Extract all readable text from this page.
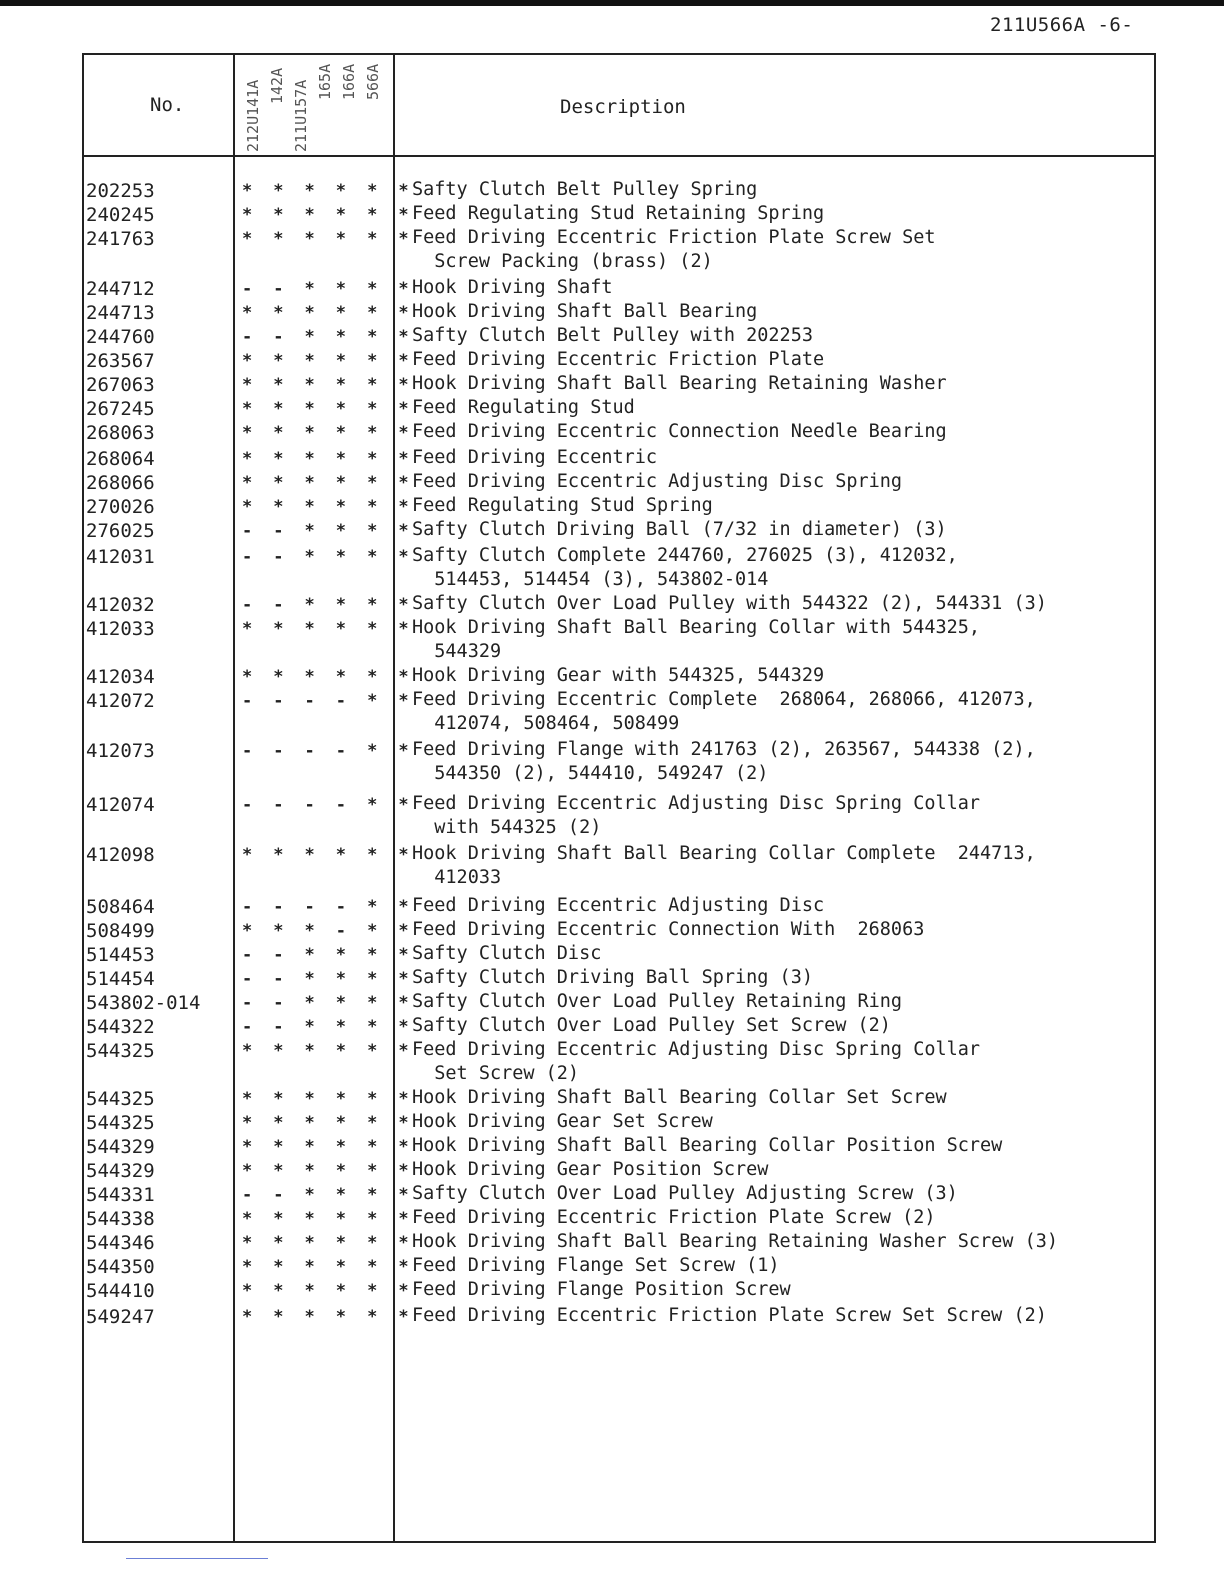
211U566A -6-
No.	Description
212U141A 142A 211U157A 165A 166A 566A
202253	* * * * * *
Safty Clutch Belt Pulley Spring
240245	* * * * * *
Feed Regulating Stud Retaining Spring
241763	* * * * * *
Feed Driving Eccentric Friction Plate Screw Set
Screw Packing (brass) (2)
244712	- - * * * *
Hook Driving Shaft
244713	* * * * * *
Hook Driving Shaft Ball Bearing
244760	- - * * * *
Safty Clutch Belt Pulley with 202253
263567	* * * * * *
Feed Driving Eccentric Friction Plate
267063	* * * * * *
Hook Driving Shaft Ball Bearing Retaining Washer
267245	* * * * * *
Feed Regulating Stud
268063	* * * * * *
Feed Driving Eccentric Connection Needle Bearing
268064	* * * * * *
Feed Driving Eccentric
268066	* * * * * *
Feed Driving Eccentric Adjusting Disc Spring
270026	* * * * * *
Feed Regulating Stud Spring
276025	- - * * * *
Safty Clutch Driving Ball (7/32 in diameter) (3)
412031	- - * * * *
Safty Clutch Complete 244760, 276025 (3), 412032,
514453, 514454 (3), 543802-014
412032	- - * * * *
Safty Clutch Over Load Pulley with 544322 (2), 544331 (3)
412033	* * * * * *
Hook Driving Shaft Ball Bearing Collar with 544325,
544329
412034	* * * * * *
Hook Driving Gear with 544325, 544329
412072	- - - - * *
Feed Driving Eccentric Complete  268064, 268066, 412073,
412074, 508464, 508499
412073	- - - - * *
Feed Driving Flange with 241763 (2), 263567, 544338 (2),
544350 (2), 544410, 549247 (2)
412074	- - - - * *
Feed Driving Eccentric Adjusting Disc Spring Collar
with 544325 (2)
412098	* * * * * *
Hook Driving Shaft Ball Bearing Collar Complete  244713,
412033
508464	- - - - * *
Feed Driving Eccentric Adjusting Disc
508499	* * * - * *
Feed Driving Eccentric Connection With  268063
514453	- - * * * *
Safty Clutch Disc
514454	- - * * * *
Safty Clutch Driving Ball Spring (3)
543802-014 - - * * * *
Safty Clutch Over Load Pulley Retaining Ring
544322	- - * * * *
Safty Clutch Over Load Pulley Set Screw (2)
544325	* * * * * *
Feed Driving Eccentric Adjusting Disc Spring Collar
Set Screw (2)
544325	* * * * * *
Hook Driving Shaft Ball Bearing Collar Set Screw
544325	* * * * * *
Hook Driving Gear Set Screw
544329	* * * * * *
Hook Driving Shaft Ball Bearing Collar Position Screw
544329	* * * * * *
Hook Driving Gear Position Screw
544331	- - * * * *
Safty Clutch Over Load Pulley Adjusting Screw (3)
544338	* * * * * *
Feed Driving Eccentric Friction Plate Screw (2)
544346	* * * * * *
Hook Driving Shaft Ball Bearing Retaining Washer Screw (3)
544350	* * * * * *
Feed Driving Flange Set Screw (1)
544410	* * * * * *
Feed Driving Flange Position Screw
549247	* * * * * *
Feed Driving Eccentric Friction Plate Screw Set Screw (2)
